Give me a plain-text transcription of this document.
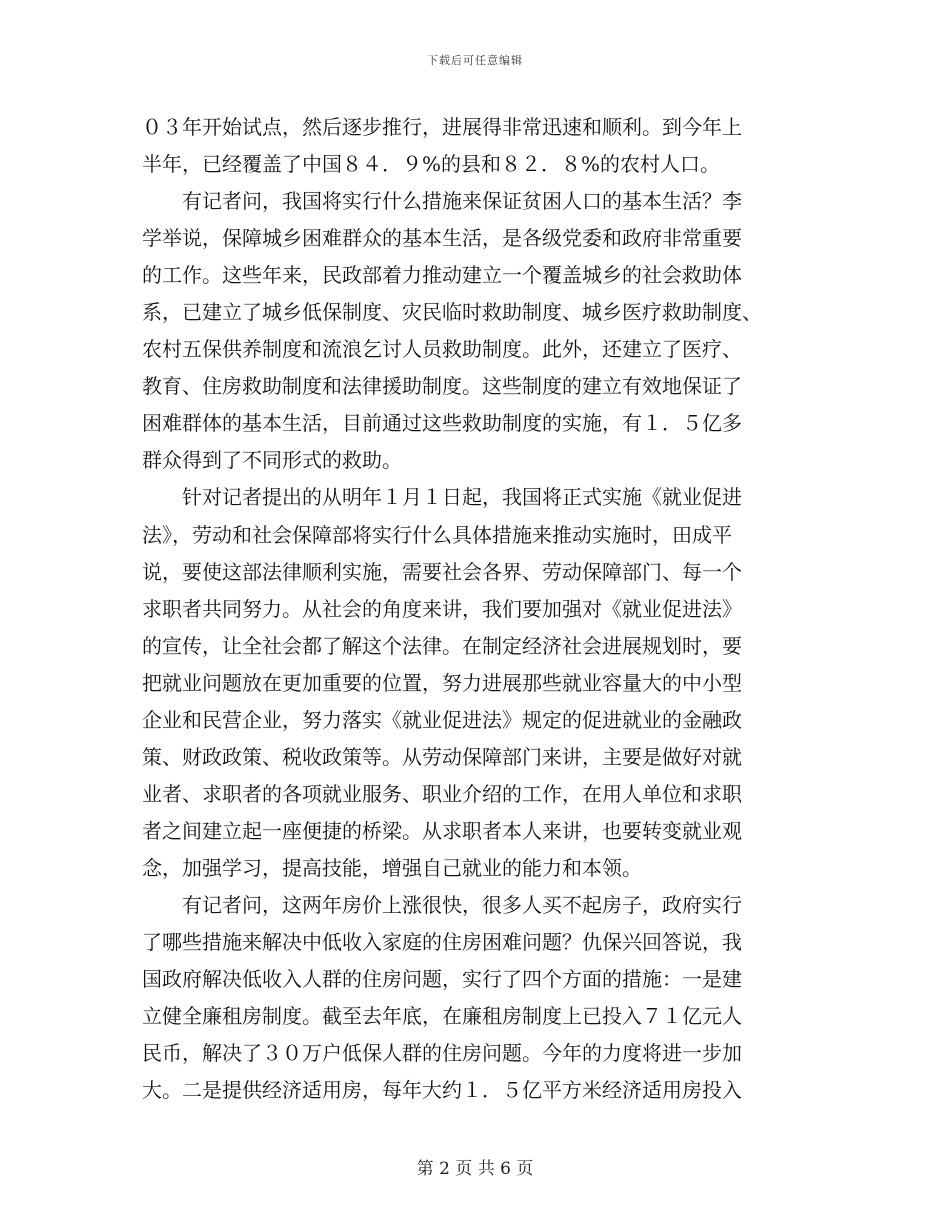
下载后可任意编辑
０３年开始试点，然后逐步推行，进展得非常迅速和顺利。到今年上
半年，已经覆盖了中国８４．９%的县和８２．８%的农村人口。
有记者问，我国将实行什么措施来保证贫困人口的基本生活？李
学举说，保障城乡困难群众的基本生活，是各级党委和政府非常重要
的工作。这些年来，民政部着力推动建立一个覆盖城乡的社会救助体
系，已建立了城乡低保制度、灾民临时救助制度、城乡医疗救助制度、
农村五保供养制度和流浪乞讨人员救助制度。此外，还建立了医疗、
教育、住房救助制度和法律援助制度。这些制度的建立有效地保证了
困难群体的基本生活，目前通过这些救助制度的实施，有１．５亿多
群众得到了不同形式的救助。
针对记者提出的从明年１月１日起，我国将正式实施《就业促进
法》，劳动和社会保障部将实行什么具体措施来推动实施时，田成平
说，要使这部法律顺利实施，需要社会各界、劳动保障部门、每一个
求职者共同努力。从社会的角度来讲，我们要加强对《就业促进法》
的宣传，让全社会都了解这个法律。在制定经济社会进展规划时，要
把就业问题放在更加重要的位置，努力进展那些就业容量大的中小型
企业和民营企业，努力落实《就业促进法》规定的促进就业的金融政
策、财政政策、税收政策等。从劳动保障部门来讲，主要是做好对就
业者、求职者的各项就业服务、职业介绍的工作，在用人单位和求职
者之间建立起一座便捷的桥梁。从求职者本人来讲，也要转变就业观
念，加强学习，提高技能，增强自己就业的能力和本领。
有记者问，这两年房价上涨很快，很多人买不起房子，政府实行
了哪些措施来解决中低收入家庭的住房困难问题？仇保兴回答说，我
国政府解决低收入人群的住房问题，实行了四个方面的措施：一是建
立健全廉租房制度。截至去年底，在廉租房制度上已投入７１亿元人
民币，解决了３０万户低保人群的住房问题。今年的力度将进一步加
大。二是提供经济适用房，每年大约１．５亿平方米经济适用房投入
第 2 页 共 6 页
